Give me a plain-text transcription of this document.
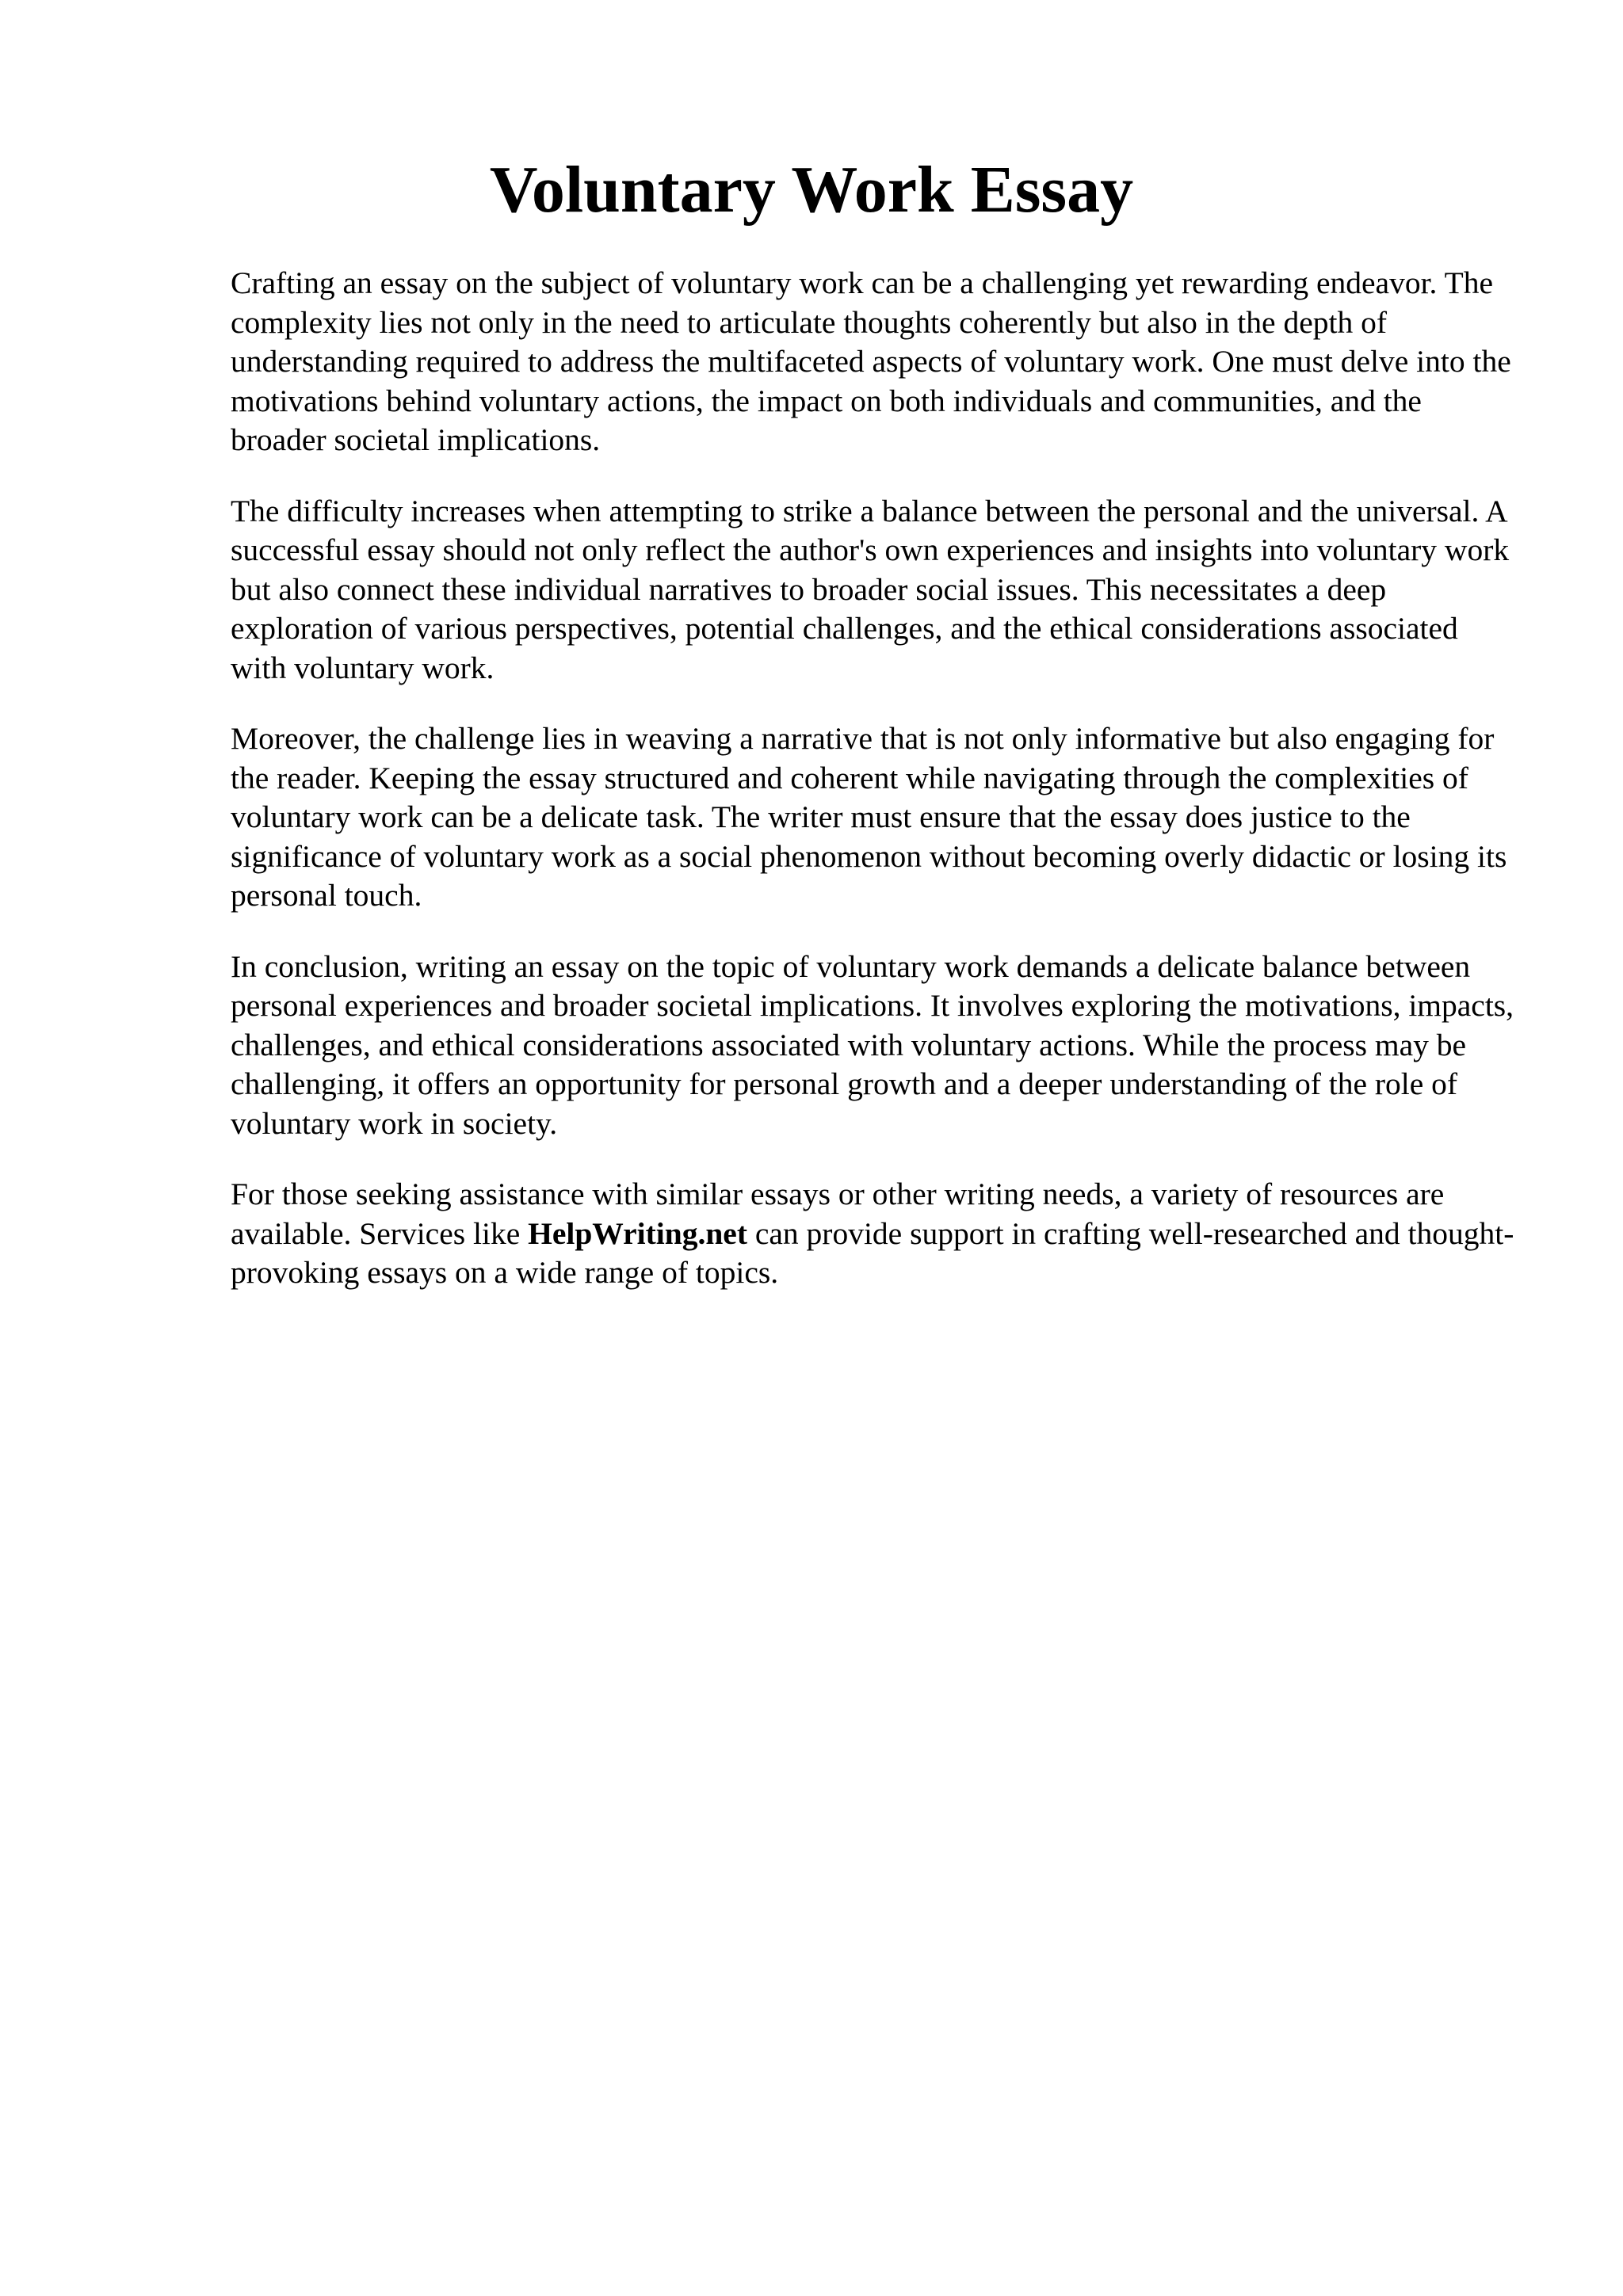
Voluntary Work Essay

Crafting an essay on the subject of voluntary work can be a challenging yet rewarding endeavor. The complexity lies not only in the need to articulate thoughts coherently but also in the depth of understanding required to address the multifaceted aspects of voluntary work. One must delve into the motivations behind voluntary actions, the impact on both individuals and communities, and the broader societal implications.

The difficulty increases when attempting to strike a balance between the personal and the universal. A successful essay should not only reflect the author's own experiences and insights into voluntary work but also connect these individual narratives to broader social issues. This necessitates a deep exploration of various perspectives, potential challenges, and the ethical considerations associated with voluntary work.

Moreover, the challenge lies in weaving a narrative that is not only informative but also engaging for the reader. Keeping the essay structured and coherent while navigating through the complexities of voluntary work can be a delicate task. The writer must ensure that the essay does justice to the significance of voluntary work as a social phenomenon without becoming overly didactic or losing its personal touch.

In conclusion, writing an essay on the topic of voluntary work demands a delicate balance between personal experiences and broader societal implications. It involves exploring the motivations, impacts, challenges, and ethical considerations associated with voluntary actions. While the process may be challenging, it offers an opportunity for personal growth and a deeper understanding of the role of voluntary work in society.

For those seeking assistance with similar essays or other writing needs, a variety of resources are available. Services like HelpWriting.net can provide support in crafting well-researched and thought-provoking essays on a wide range of topics.
